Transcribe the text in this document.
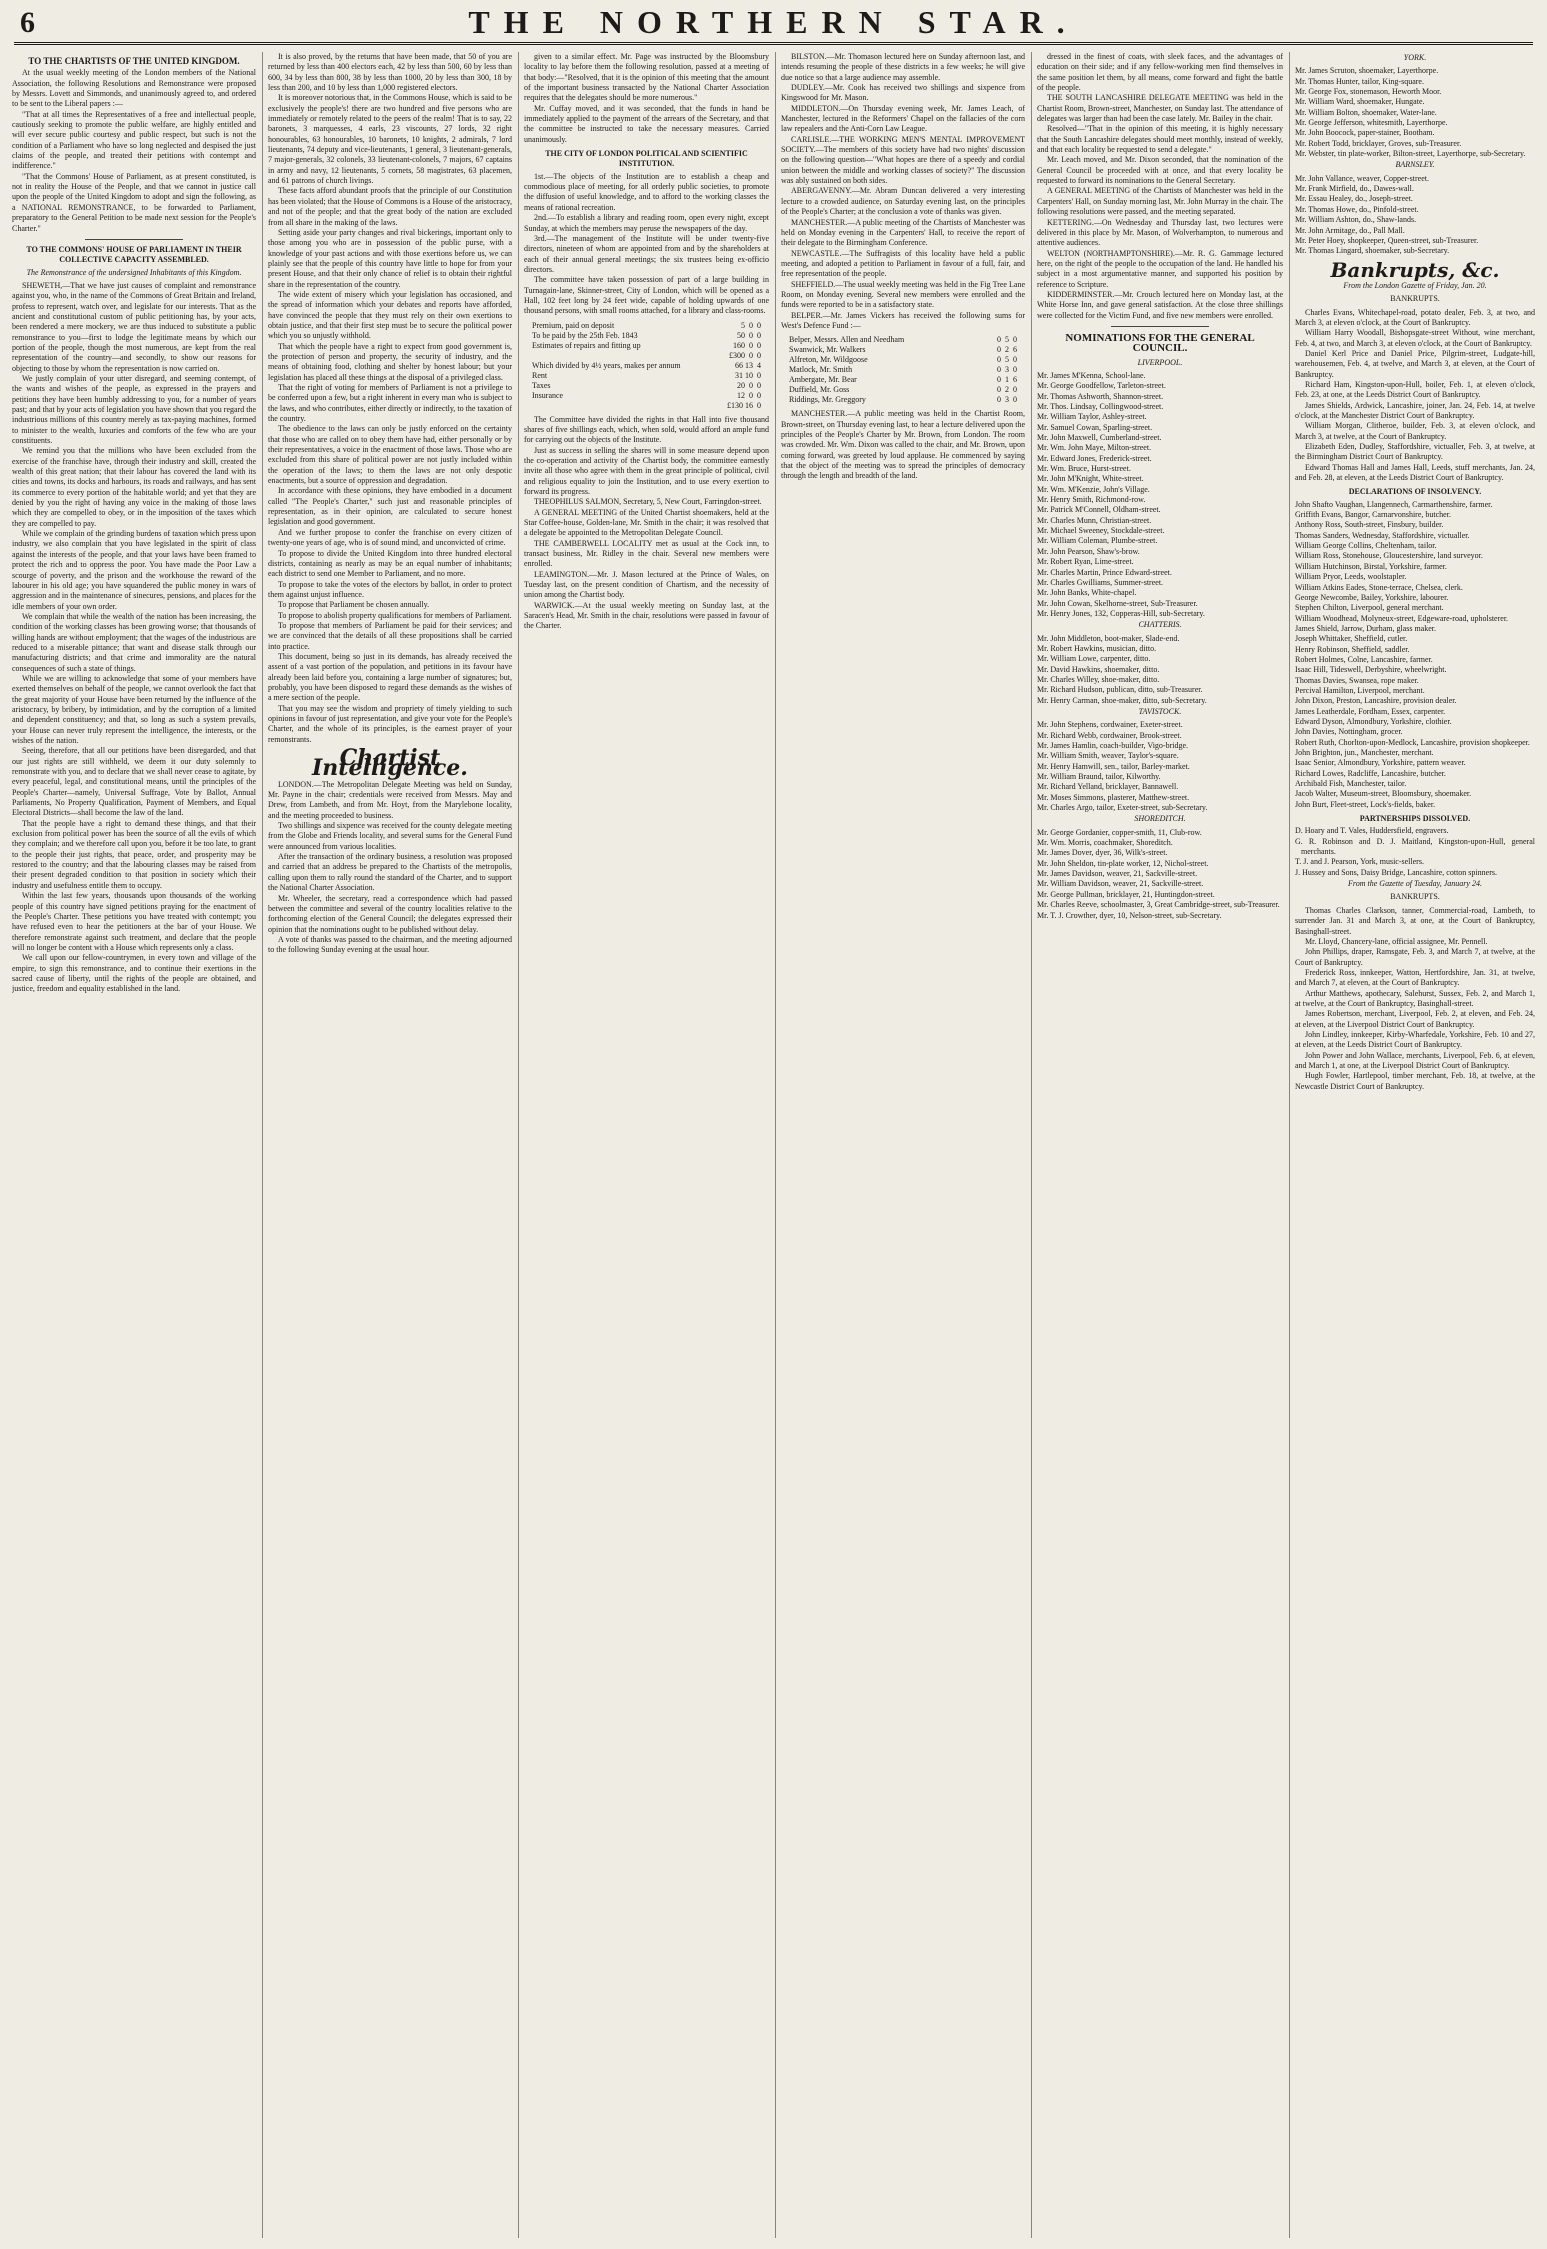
6	THE NORTHERN STAR.
TO THE CHARTISTS OF THE UNITED KINGDOM.

At the usual weekly meeting of the London members of the National Association, the following Resolutions and Remonstrance were proposed by Messrs. Lovett and Simmonds, and unanimously agreed to, and ordered to be sent to the Liberal papers :—

"That at all times the Representatives of a free and intellectual people, cautiously seeking to promote the public welfare, are highly entitled and will ever secure public courtesy and public respect, but such is not the condition of a Parliament who have so long neglected and despised the just claims of the people, and treated their petitions with contempt and indifference."

"That the Commons' House of Parliament, as at present constituted, is not in reality the House of the People, and that we cannot in justice call upon the people of the United Kingdom to adopt and sign the following, as a NATIONAL REMONSTRANCE, to be forwarded to Parliament, preparatory to the General Petition to be made next session for the People's Charter."

TO THE COMMONS' HOUSE OF PARLIAMENT IN THEIR COLLECTIVE CAPACITY ASSEMBLED.
The Remonstrance of the undersigned Inhabitants of this Kingdom.

SHEWETH,—That we have just causes of complaint and remonstrance against you, who, in the name of the Commons of Great Britain and Ireland, profess to represent, watch over, and legislate for our interests. That as the ancient and constitutional custom of public petitioning has, by your acts, been rendered a mere mockery, we are thus induced to substitute a public remonstrance to you—first to lodge the legitimate means by which our portion of the people, though the most numerous, are kept from the real representation of the country—and secondly, to show our reasons for objecting to those by whom the representation is now carried on.

We justly complain of your utter disregard, and seeming contempt, of the wants and wishes of the people, as expressed in the prayers and petitions they have been humbly addressing to you, for a number of years past; and that by your acts of legislation you have shown that you regard the industrious millions of this country merely as tax-paying machines, formed to minister to the wealth, luxuries and comforts of the few who are your constituents.

We remind you that the millions who have been excluded from the exercise of the franchise have, through their industry and skill, created the wealth of this great nation; that their labour has covered the land with its cities and towns, its docks and harbours, its roads and railways, and has sent its commerce to every portion of the habitable world; and yet that they are denied by you the right of having any voice in the making of those laws which they are compelled to obey, or in the imposition of the taxes which they are compelled to pay.

While we complain of the grinding burdens of taxation which press upon industry, we also complain that you have legislated in the spirit of class against the interests of the people, and that your laws have been framed to protect the rich and to oppress the poor. You have made the Poor Law a scourge of poverty, and the prison and the workhouse the reward of the labourer in his old age; you have squandered the public money in wars of aggression and in the maintenance of sinecures, pensions, and places for the idle members of your own order.

We complain that while the wealth of the nation has been increasing, the condition of the working classes has been growing worse; that thousands of willing hands are without employment; that the wages of the industrious are reduced to a miserable pittance; that want and disease stalk through our manufacturing districts; and that crime and immorality are the natural consequences of such a state of things.

While we are willing to acknowledge that some of your members have exerted themselves on behalf of the people, we cannot overlook the fact that the great majority of your House have been returned by the influence of the aristocracy, by bribery, by intimidation, and by the corruption of a limited and dependent constituency; and that, so long as such a system prevails, your House can never truly represent the intelligence, the interests, or the wishes of the nation.

Seeing, therefore, that all our petitions have been disregarded, and that our just rights are still withheld, we deem it our duty solemnly to remonstrate with you, and to declare that we shall never cease to agitate, by every peaceful, legal, and constitutional means, until the principles of the People's Charter—namely, Universal Suffrage, Vote by Ballot, Annual Parliaments, No Property Qualification, Payment of Members, and Equal Electoral Districts—shall become the law of the land.

That the people have a right to demand these things, and that their exclusion from political power has been the source of all the evils of which they complain; and we therefore call upon you, before it be too late, to grant to the people their just rights, that peace, order, and prosperity may be restored to the country; and that the labouring classes may be raised from their present degraded condition to that position in society which their industry and usefulness entitle them to occupy.

Within the last few years, thousands upon thousands of the working people of this country have signed petitions praying for the enactment of the People's Charter. These petitions you have treated with contempt; you have refused even to hear the petitioners at the bar of your House. We therefore remonstrate against such treatment, and declare that the people will no longer be content with a House which represents only a class.

We call upon our fellow-countrymen, in every town and village of the empire, to sign this remonstrance, and to continue their exertions in the sacred cause of liberty, until the rights of the people are obtained, and justice, freedom and equality established in the land.

It is also proved, by the returns that have been made, that 50 of you are returned by less than 400 electors each, 42 by less than 500, 60 by less than 600, 34 by less than 800, 38 by less than 1000, 20 by less than 300, 18 by less than 200, and 10 by less than 1,000 registered electors.

It is moreover notorious that, in the Commons House, which is said to be exclusively the people's! there are two hundred and five persons who are immediately or remotely related to the peers of the realm! That is to say, 22 baronets, 3 marquesses, 4 earls, 23 viscounts, 27 lords, 32 right honourables, 63 honourables, 10 baronets, 10 knights, 2 admirals, 7 lord lieutenants, 74 deputy and vice-lieutenants, 1 general, 3 lieutenant-generals, 7 major-generals, 32 colonels, 33 lieutenant-colonels, 7 majors, 67 captains in army and navy, 12 lieutenants, 5 cornets, 58 magistrates, 63 placemen, and 61 patrons of church livings.

These facts afford abundant proofs that the principle of our Constitution has been violated; that the House of Commons is a House of the aristocracy, and not of the people; and that the great body of the nation are excluded from all share in the making of the laws.

Setting aside your party changes and rival bickerings, important only to those among you who are in possession of the public purse, with a knowledge of your past actions and with those exertions before us, we can plainly see that the people of this country have little to hope for from your present House, and that their only chance of relief is to obtain their rightful share in the representation of the country.

The wide extent of misery which your legislation has occasioned, and the spread of information which your debates and reports have afforded, have convinced the people that they must rely on their own exertions to obtain justice, and that their first step must be to secure the political power which you so unjustly withhold.

That which the people have a right to expect from good government is, the protection of person and property, the security of industry, and the means of obtaining food, clothing and shelter by honest labour; but your legislation has placed all these things at the disposal of a privileged class.

That the right of voting for members of Parliament is not a privilege to be conferred upon a few, but a right inherent in every man who is subject to the laws, and who contributes, either directly or indirectly, to the taxation of the country.

The obedience to the laws can only be justly enforced on the certainty that those who are called on to obey them have had, either personally or by their representatives, a voice in the enactment of those laws. Those who are excluded from this share of political power are not justly included within the operation of the laws; to them the laws are not only despotic enactments, but a source of oppression and degradation.

In accordance with these opinions, they have embodied in a document called "The People's Charter," such just and reasonable principles of representation, as in their opinion, are calculated to secure honest legislation and good government.

And we further propose to confer the franchise on every citizen of twenty-one years of age, who is of sound mind, and unconvicted of crime.

To propose to divide the United Kingdom into three hundred electoral districts, containing as nearly as may be an equal number of inhabitants; each district to send one Member to Parliament, and no more.

To propose to take the votes of the electors by ballot, in order to protect them against unjust influence.

To propose that Parliament be chosen annually.

To propose to abolish property qualifications for members of Parliament.

To propose that members of Parliament be paid for their services; and we are convinced that the details of all these propositions shall be carried into practice.

This document, being so just in its demands, has already received the assent of a vast portion of the population, and petitions in its favour have already been laid before you, containing a large number of signatures; but, probably, you have been disposed to regard these demands as the wishes of a mere section of the people.

That you may see the wisdom and propriety of timely yielding to such opinions in favour of just representation, and give your vote for the People's Charter, and the whole of its principles, is the earnest prayer of your remonstrants.

Chartist Intelligence.

LONDON.—The Metropolitan Delegate Meeting was held on Sunday, Mr. Payne in the chair; credentials were received from Messrs. May and Drew, from Lambeth, and from Mr. Hoyt, from the Marylebone locality, and the meeting proceeded to business.

Two shillings and sixpence was received for the county delegate meeting from the Globe and Friends locality, and several sums for the General Fund were announced from various localities.

After the transaction of the ordinary business, a resolution was proposed and carried that an address be prepared to the Chartists of the metropolis, calling upon them to rally round the standard of the Charter, and to support the National Charter Association.

Mr. Wheeler, the secretary, read a correspondence which had passed between the committee and several of the country localities relative to the forthcoming election of the General Council; the delegates expressed their opinion that the nominations ought to be published without delay.

A vote of thanks was passed to the chairman, and the meeting adjourned to the following Sunday evening at the usual hour.

given to a similar effect. Mr. Page was instructed by the Bloomsbury locality to lay before them the following resolution, passed at a meeting of that body:—"Resolved, that it is the opinion of this meeting that the amount of the important business transacted by the National Charter Association requires that the delegates should be more numerous."

Mr. Cuffay moved, and it was seconded, that the funds in hand be immediately applied to the payment of the arrears of the Secretary, and that the committee be instructed to take the necessary measures. Carried unanimously.

THE CITY OF LONDON POLITICAL AND SCIENTIFIC INSTITUTION.

1st.—The objects of the Institution are to establish a cheap and commodious place of meeting, for all orderly public societies, to promote the diffusion of useful knowledge, and to afford to the working classes the means of rational recreation.

2nd.—To establish a library and reading room, open every night, except Sunday, at which the members may peruse the newspapers of the day.

3rd.—The management of the Institute will be under twenty-five directors, nineteen of whom are appointed from and by the shareholders at each of their annual general meetings; the six trustees being ex-officio directors.

The committee have taken possession of part of a large building in Turnagain-lane, Skinner-street, City of London, which will be opened as a Hall, 102 feet long by 24 feet wide, capable of holding upwards of one thousand persons, with small rooms attached, for a library and class-rooms.

Premium, paid on deposit	5  0  0
To be paid by the 25th Feb. 1843	50  0  0
Estimates of repairs and fitting up	160  0  0
£300  0  0
Which divided by 4½ years, makes per annum	66 13  4
Rent	31 10  0
Taxes	20  0  0
Insurance	12  0  0
£130 16  0

The Committee have divided the rights in that Hall into five thousand shares of five shillings each, which, when sold, would afford an ample fund for carrying out the objects of the Institute.

Just as success in selling the shares will in some measure depend upon the co-operation and activity of the Chartist body, the committee earnestly invite all those who agree with them in the great principle of political, civil and religious equality to join the Institution, and to use every exertion to forward its progress.

THEOPHILUS SALMON, Secretary, 5, New Court, Farringdon-street.

A GENERAL MEETING of the United Chartist shoemakers, held at the Star Coffee-house, Golden-lane, Mr. Smith in the chair; it was resolved that a delegate be appointed to the Metropolitan Delegate Council.

THE CAMBERWELL LOCALITY met as usual at the Cock inn, to transact business, Mr. Ridley in the chair. Several new members were enrolled.

LEAMINGTON.—Mr. J. Mason lectured at the Prince of Wales, on Tuesday last, on the present condition of Chartism, and the necessity of union among the Chartist body.

WARWICK.—At the usual weekly meeting on Sunday last, at the Saracen's Head, Mr. Smith in the chair, resolutions were passed in favour of the Charter.

BILSTON.—Mr. Thomason lectured here on Sunday afternoon last, and intends resuming the people of these districts in a few weeks; he will give due notice so that a large audience may assemble.

DUDLEY.—Mr. Cook has received two shillings and sixpence from Kingswood for Mr. Mason.

MIDDLETON.—On Thursday evening week, Mr. James Leach, of Manchester, lectured in the Reformers' Chapel on the fallacies of the corn law repealers and the Anti-Corn Law League.

CARLISLE.—THE WORKING MEN'S MENTAL IMPROVEMENT SOCIETY.—The members of this society have had two nights' discussion on the following question—"What hopes are there of a speedy and cordial union between the middle and working classes of society?" The discussion was ably sustained on both sides.

ABERGAVENNY.—Mr. Abram Duncan delivered a very interesting lecture to a crowded audience, on Saturday evening last, on the principles of the People's Charter; at the conclusion a vote of thanks was given.

MANCHESTER.—A public meeting of the Chartists of Manchester was held on Monday evening in the Carpenters' Hall, to receive the report of their delegate to the Birmingham Conference.

NEWCASTLE.—The Suffragists of this locality have held a public meeting, and adopted a petition to Parliament in favour of a full, fair, and free representation of the people.

SHEFFIELD.—The usual weekly meeting was held in the Fig Tree Lane Room, on Monday evening. Several new members were enrolled and the funds were reported to be in a satisfactory state.

BELPER.—Mr. James Vickers has received the following sums for West's Defence Fund :—

Belper, Messrs. Allen and Needham	0  5  0
Swanwick, Mr. Walkers	0  2  6
Alfreton, Mr. Wildgoose	0  5  0
Matlock, Mr. Smith	0  3  0
Ambergate, Mr. Bear	0  1  6
Duffield, Mr. Goss	0  2  0
Riddings, Mr. Greggory	0  3  0

MANCHESTER.—A public meeting was held in the Chartist Room, Brown-street, on Thursday evening last, to hear a lecture delivered upon the principles of the People's Charter by Mr. Brown, from London. The room was crowded. Mr. Wm. Dixon was called to the chair, and Mr. Brown, upon coming forward, was greeted by loud applause. He commenced by saying that the object of the meeting was to spread the principles of democracy through the length and breadth of the land.

dressed in the finest of coats, with sleek faces, and the advantages of education on their side; and if any fellow-working men find themselves in the same position let them, by all means, come forward and fight the battle of the people.

THE SOUTH LANCASHIRE DELEGATE MEETING was held in the Chartist Room, Brown-street, Manchester, on Sunday last. The attendance of delegates was larger than had been the case lately. Mr. Bailey in the chair.

Resolved—"That in the opinion of this meeting, it is highly necessary that the South Lancashire delegates should meet monthly, instead of weekly, and that each locality be requested to send a delegate."

Mr. Leach moved, and Mr. Dixon seconded, that the nomination of the General Council be proceeded with at once, and that every locality be requested to forward its nominations to the General Secretary.

A GENERAL MEETING of the Chartists of Manchester was held in the Carpenters' Hall, on Sunday morning last, Mr. John Murray in the chair. The following resolutions were passed, and the meeting separated.

KETTERING.—On Wednesday and Thursday last, two lectures were delivered in this place by Mr. Mason, of Wolverhampton, to numerous and attentive audiences.

WELTON (NORTHAMPTONSHIRE).—Mr. R. G. Gammage lectured here, on the right of the people to the occupation of the land. He handled his subject in a most argumentative manner, and supported his position by reference to Scripture.

KIDDERMINSTER.—Mr. Crouch lectured here on Monday last, at the White Horse Inn, and gave general satisfaction. At the close three shillings were collected for the Victim Fund, and five new members were enrolled.

NOMINATIONS FOR THE GENERAL COUNCIL.
LIVERPOOL.
Mr. James M'Kenna, School-lane.
Mr. George Goodfellow, Tarleton-street.
Mr. Thomas Ashworth, Shannon-street.
Mr. Thos. Lindsay, Collingwood-street.
Mr. William Taylor, Ashley-street.
Mr. Samuel Cowan, Sparling-street.
Mr. John Maxwell, Cumberland-street.
Mr. Wm. John Maye, Milton-street.
Mr. Edward Jones, Frederick-street.
Mr. Wm. Bruce, Hurst-street.
Mr. John M'Knight, White-street.
Mr. Wm. M'Kenzie, John's Village.
Mr. Henry Smith, Richmond-row.
Mr. Patrick M'Connell, Oldham-street.
Mr. Charles Munn, Christian-street.
Mr. Michael Sweeney, Stockdale-street.
Mr. William Coleman, Plumbe-street.
Mr. John Pearson, Shaw's-brow.
Mr. Robert Ryan, Lime-street.
Mr. Charles Martin, Prince Edward-street.
Mr. Charles Gwilliams, Summer-street.
Mr. John Banks, White-chapel.
Mr. John Cowan, Skelhorne-street, Sub-Treasurer.
Mr. Henry Jones, 132, Copperas-Hill, sub-Secretary.
CHATTERIS.
Mr. John Middleton, boot-maker, Slade-end.
Mr. Robert Hawkins, musician, ditto.
Mr. William Lowe, carpenter, ditto.
Mr. David Hawkins, shoemaker, ditto.
Mr. Charles Willey, shoe-maker, ditto.
Mr. Richard Hudson, publican, ditto, sub-Treasurer.
Mr. Henry Carman, shoe-maker, ditto, sub-Secretary.
TAVISTOCK.
Mr. John Stephens, cordwainer, Exeter-street.
Mr. Richard Webb, cordwainer, Brook-street.
Mr. James Hamlin, coach-builder, Vigo-bridge.
Mr. William Smith, weaver, Taylor's-square.
Mr. Henry Hamwill, sen., tailor, Barley-market.
Mr. William Braund, tailor, Kilworthy.
Mr. Richard Yelland, bricklayer, Bannawell.
Mr. Moses Simmons, plasterer, Matthew-street.
Mr. Charles Argo, tailor, Exeter-street, sub-Secretary.
SHOREDITCH.
Mr. George Gordanier, copper-smith, 11, Club-row.
Mr. Wm. Morris, coachmaker, Shoreditch.
Mr. James Dover, dyer, 36, Wilk's-street.
Mr. John Sheldon, tin-plate worker, 12, Nichol-street.
Mr. James Davidson, weaver, 21, Sackville-street.
Mr. William Davidson, weaver, 21, Sackville-street.
Mr. George Pullman, bricklayer, 21, Huntingdon-street.
Mr. Charles Reeve, schoolmaster, 3, Great Cambridge-street, sub-Treasurer.
Mr. T. J. Crowther, dyer, 10, Nelson-street, sub-Secretary.
YORK.
Mr. James Scruton, shoemaker, Layerthorpe.
Mr. Thomas Hunter, tailor, King-square.
Mr. George Fox, stonemason, Heworth Moor.
Mr. William Ward, shoemaker, Hungate.
Mr. William Bolton, shoemaker, Water-lane.
Mr. George Jefferson, whitesmith, Layerthorpe.
Mr. John Boocock, paper-stainer, Bootham.
Mr. Robert Todd, bricklayer, Groves, sub-Treasurer.
Mr. Webster, tin plate-worker, Bilton-street, Layerthorpe, sub-Secretary.
BARNSLEY.
Mr. John Vallance, weaver, Copper-street.
Mr. Frank Mirfield, do., Dawes-wall.
Mr. Essau Healey, do., Joseph-street.
Mr. Thomas Howe, do., Pinfold-street.
Mr. William Ashton, do., Shaw-lands.
Mr. John Armitage, do., Pall Mall.
Mr. Peter Hoey, shopkeeper, Queen-street, sub-Treasurer.
Mr. Thomas Lingard, shoemaker, sub-Secretary.
Bankrupts, &c.
From the London Gazette of Friday, Jan. 20.
BANKRUPTS.

Charles Evans, Whitechapel-road, potato dealer, Feb. 3, at two, and March 3, at eleven o'clock, at the Court of Bankruptcy.

William Harry Woodall, Bishopsgate-street Without, wine merchant, Feb. 4, at two, and March 3, at eleven o'clock, at the Court of Bankruptcy.

Daniel Kerl Price and Daniel Price, Pilgrim-street, Ludgate-hill, warehousemen, Feb. 4, at twelve, and March 3, at eleven, at the Court of Bankruptcy.

Richard Ham, Kingston-upon-Hull, boiler, Feb. 1, at eleven o'clock, Feb. 23, at one, at the Leeds District Court of Bankruptcy.

James Shields, Ardwick, Lancashire, joiner, Jan. 24, Feb. 14, at twelve o'clock, at the Manchester District Court of Bankruptcy.

William Morgan, Clitheroe, builder, Feb. 3, at eleven o'clock, and March 3, at twelve, at the Court of Bankruptcy.

Elizabeth Eden, Dudley, Staffordshire, victualler, Feb. 3, at twelve, at the Birmingham District Court of Bankruptcy.

Edward Thomas Hall and James Hall, Leeds, stuff merchants, Jan. 24, and Feb. 28, at eleven, at the Leeds District Court of Bankruptcy.

DECLARATIONS OF INSOLVENCY.
John Shafto Vaughan, Llangennech, Carmarthenshire, farmer.
Griffith Evans, Bangor, Carnarvonshire, butcher.
Anthony Ross, South-street, Finsbury, builder.
Thomas Sanders, Wednesday, Staffordshire, victualler.
William George Collins, Cheltenham, tailor.
William Ross, Stonehouse, Gloucestershire, land surveyor.
William Hutchinson, Birstal, Yorkshire, farmer.
William Pryor, Leeds, woolstapler.
William Atkins Eades, Stone-terrace, Chelsea, clerk.
George Newcombe, Bailey, Yorkshire, labourer.
Stephen Chilton, Liverpool, general merchant.
William Woodhead, Molyneux-street, Edgeware-road, upholsterer.
James Shield, Jarrow, Durham, glass maker.
Joseph Whittaker, Sheffield, cutler.
Henry Robinson, Sheffield, saddler.
Robert Holmes, Colne, Lancashire, farmer.
Isaac Hill, Tideswell, Derbyshire, wheelwright.
Thomas Davies, Swansea, rope maker.
Percival Hamilton, Liverpool, merchant.
John Dixon, Preston, Lancashire, provision dealer.
James Leatherdale, Fordham, Essex, carpenter.
Edward Dyson, Almondbury, Yorkshire, clothier.
John Davies, Nottingham, grocer.
Robert Ruth, Chorlton-upon-Medlock, Lancashire, provision shopkeeper.
John Brighton, jun., Manchester, merchant.
Isaac Senior, Almondbury, Yorkshire, pattern weaver.
Richard Lowes, Radcliffe, Lancashire, butcher.
Archibald Fish, Manchester, tailor.
Jacob Walter, Museum-street, Bloomsbury, shoemaker.
John Burt, Fleet-street, Lock's-fields, baker.
PARTNERSHIPS DISSOLVED.
D. Hoary and T. Vales, Huddersfield, engravers.
G. R. Robinson and D. J. Maitland, Kingston-upon-Hull, general merchants.
T. J. and J. Pearson, York, music-sellers.
J. Hussey and Sons, Daisy Bridge, Lancashire, cotton spinners.
From the Gazette of Tuesday, January 24.
BANKRUPTS.

Thomas Charles Clarkson, tanner, Commercial-road, Lambeth, to surrender Jan. 31 and March 3, at one, at the Court of Bankruptcy, Basinghall-street.

Mr. Lloyd, Chancery-lane, official assignee, Mr. Pennell.

John Phillips, draper, Ramsgate, Feb. 3, and March 7, at twelve, at the Court of Bankruptcy.

Frederick Ross, innkeeper, Watton, Hertfordshire, Jan. 31, at twelve, and March 7, at eleven, at the Court of Bankruptcy.

Arthur Matthews, apothecary, Salehurst, Sussex, Feb. 2, and March 1, at twelve, at the Court of Bankruptcy, Basinghall-street.

James Robertson, merchant, Liverpool, Feb. 2, at eleven, and Feb. 24, at eleven, at the Liverpool District Court of Bankruptcy.

John Lindley, innkeeper, Kirby-Wharfedale, Yorkshire, Feb. 10 and 27, at eleven, at the Leeds District Court of Bankruptcy.

John Power and John Wallace, merchants, Liverpool, Feb. 6, at eleven, and March 1, at one, at the Liverpool District Court of Bankruptcy.

Hugh Fowler, Hartlepool, timber merchant, Feb. 18, at twelve, at the Newcastle District Court of Bankruptcy.
